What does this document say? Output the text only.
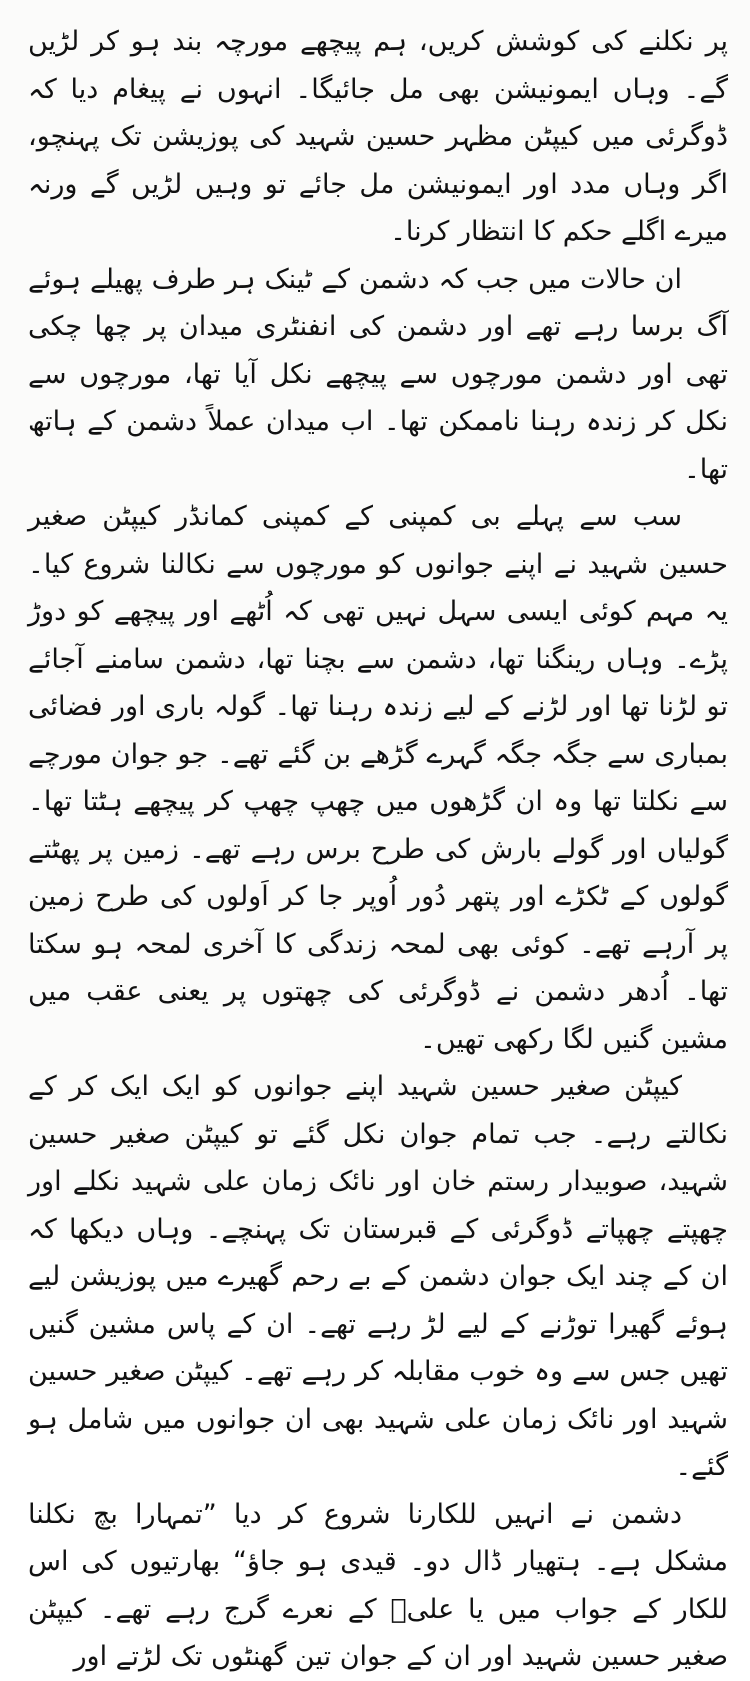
پر نکلنے کی کوشش کریں، ہم پیچھے مورچہ بند ہو کر لڑیں گے۔ وہاں ایمونیشن بھی مل جائیگا۔ انہوں نے پیغام دیا کہ ڈوگرئی میں کیپٹن مظہر حسین شہید کی پوزیشن تک پہنچو، اگر وہاں مدد اور ایمونیشن مل جائے تو وہیں لڑیں گے ورنہ میرے اگلے حکم کا انتظار کرنا۔

ان حالات میں جب کہ دشمن کے ٹینک ہر طرف پھیلے ہوئے آگ برسا رہے تھے اور دشمن کی انفنٹری میدان پر چھا چکی تھی اور دشمن مورچوں سے پیچھے نکل آیا تھا، مورچوں سے نکل کر زندہ رہنا ناممکن تھا۔ اب میدان عملاً دشمن کے ہاتھ تھا۔

سب سے پہلے بی کمپنی کے کمپنی کمانڈر کیپٹن صغیر حسین شہید نے اپنے جوانوں کو مورچوں سے نکالنا شروع کیا۔ یہ مہم کوئی ایسی سہل نہیں تھی کہ اُٹھے اور پیچھے کو دوڑ پڑے۔ وہاں رینگنا تھا، دشمن سے بچنا تھا، دشمن سامنے آجائے تو لڑنا تھا اور لڑنے کے لیے زندہ رہنا تھا۔ گولہ باری اور فضائی بمباری سے جگہ جگہ گہرے گڑھے بن گئے تھے۔ جو جوان مورچے سے نکلتا تھا وہ ان گڑھوں میں چھپ چھپ کر پیچھے ہٹتا تھا۔ گولیاں اور گولے بارش کی طرح برس رہے تھے۔ زمین پر پھٹتے گولوں کے ٹکڑے اور پتھر دُور اُوپر جا کر اَولوں کی طرح زمین پر آرہے تھے۔ کوئی بھی لمحہ زندگی کا آخری لمحہ ہو سکتا تھا۔ اُدھر دشمن نے ڈوگرئی کی چھتوں پر یعنی عقب میں مشین گنیں لگا رکھی تھیں۔

کیپٹن صغیر حسین شہید اپنے جوانوں کو ایک ایک کر کے نکالتے رہے۔ جب تمام جوان نکل گئے تو کیپٹن صغیر حسین شہید، صوبیدار رستم خان اور نائک زمان علی شہید نکلے اور چھپتے چھپاتے ڈوگرئی کے قبرستان تک پہنچے۔ وہاں دیکھا کہ ان کے چند ایک جوان دشمن کے بے رحم گھیرے میں پوزیشن لیے ہوئے گھیرا توڑنے کے لیے لڑ رہے تھے۔ ان کے پاس مشین گنیں تھیں جس سے وہ خوب مقابلہ کر رہے تھے۔ کیپٹن صغیر حسین شہید اور نائک زمان علی شہید بھی ان جوانوں میں شامل ہو گئے۔

دشمن نے انہیں للکارنا شروع کر دیا ”تمہارا بچ نکلنا مشکل ہے۔ ہتھیار ڈال دو۔ قیدی ہو جاؤ“ بھارتیوں کی اس للکار کے جواب میں یا علیؑ کے نعرے گرج رہے تھے۔ کیپٹن صغیر حسین شہید اور ان کے جوان تین گھنٹوں تک لڑتے اور
